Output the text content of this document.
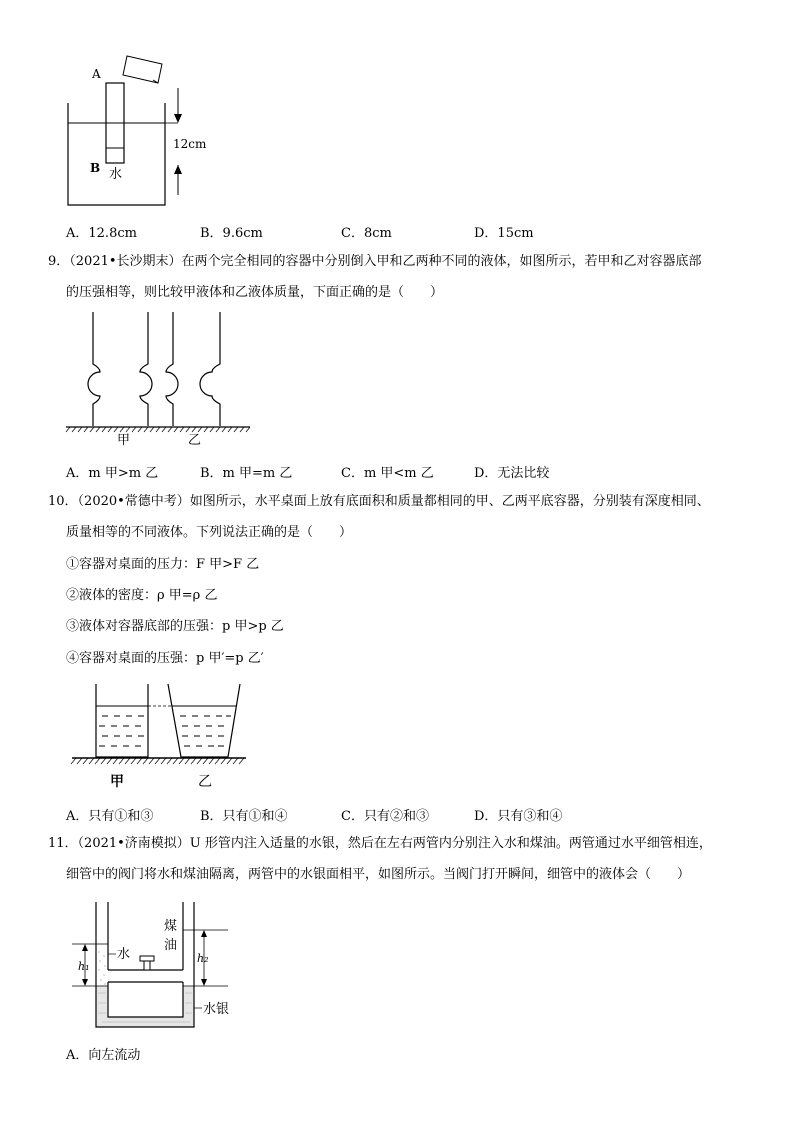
A
B 水
12cm
A．12.8cm	B．9.6cm	C．8cm	D．15cm
9．（2021•长沙期末）在两个完全相同的容器中分别倒入甲和乙两种不同的液体，如图所示，若甲和乙对容器底部
的压强相等，则比较甲液体和乙液体质量，下面正确的是（　　）
甲	乙
A．m 甲>m 乙	B．m 甲=m 乙	C．m 甲<m 乙	D．无法比较
10．（2020•常德中考）如图所示，水平桌面上放有底面积和质量都相同的甲、乙两平底容器，分别装有深度相同、
质量相等的不同液体。下列说法正确的是（　　）
①容器对桌面的压力：F 甲>F 乙
②液体的密度：ρ 甲=ρ 乙
③液体对容器底部的压强：p 甲>p 乙
④容器对桌面的压强：p 甲′=p 乙′
甲	乙
A．只有①和③	B．只有①和④	C．只有②和③	D．只有③和④
11．（2021•济南模拟）U 形管内注入适量的水银，然后在左右两管内分别注入水和煤油。两管通过水平细管相连，
细管中的阀门将水和煤油隔离，两管中的水银面相平，如图所示。当阀门打开瞬间，细管中的液体会（　　）
水
煤
油
水银
h₁
h₂
A．向左流动
